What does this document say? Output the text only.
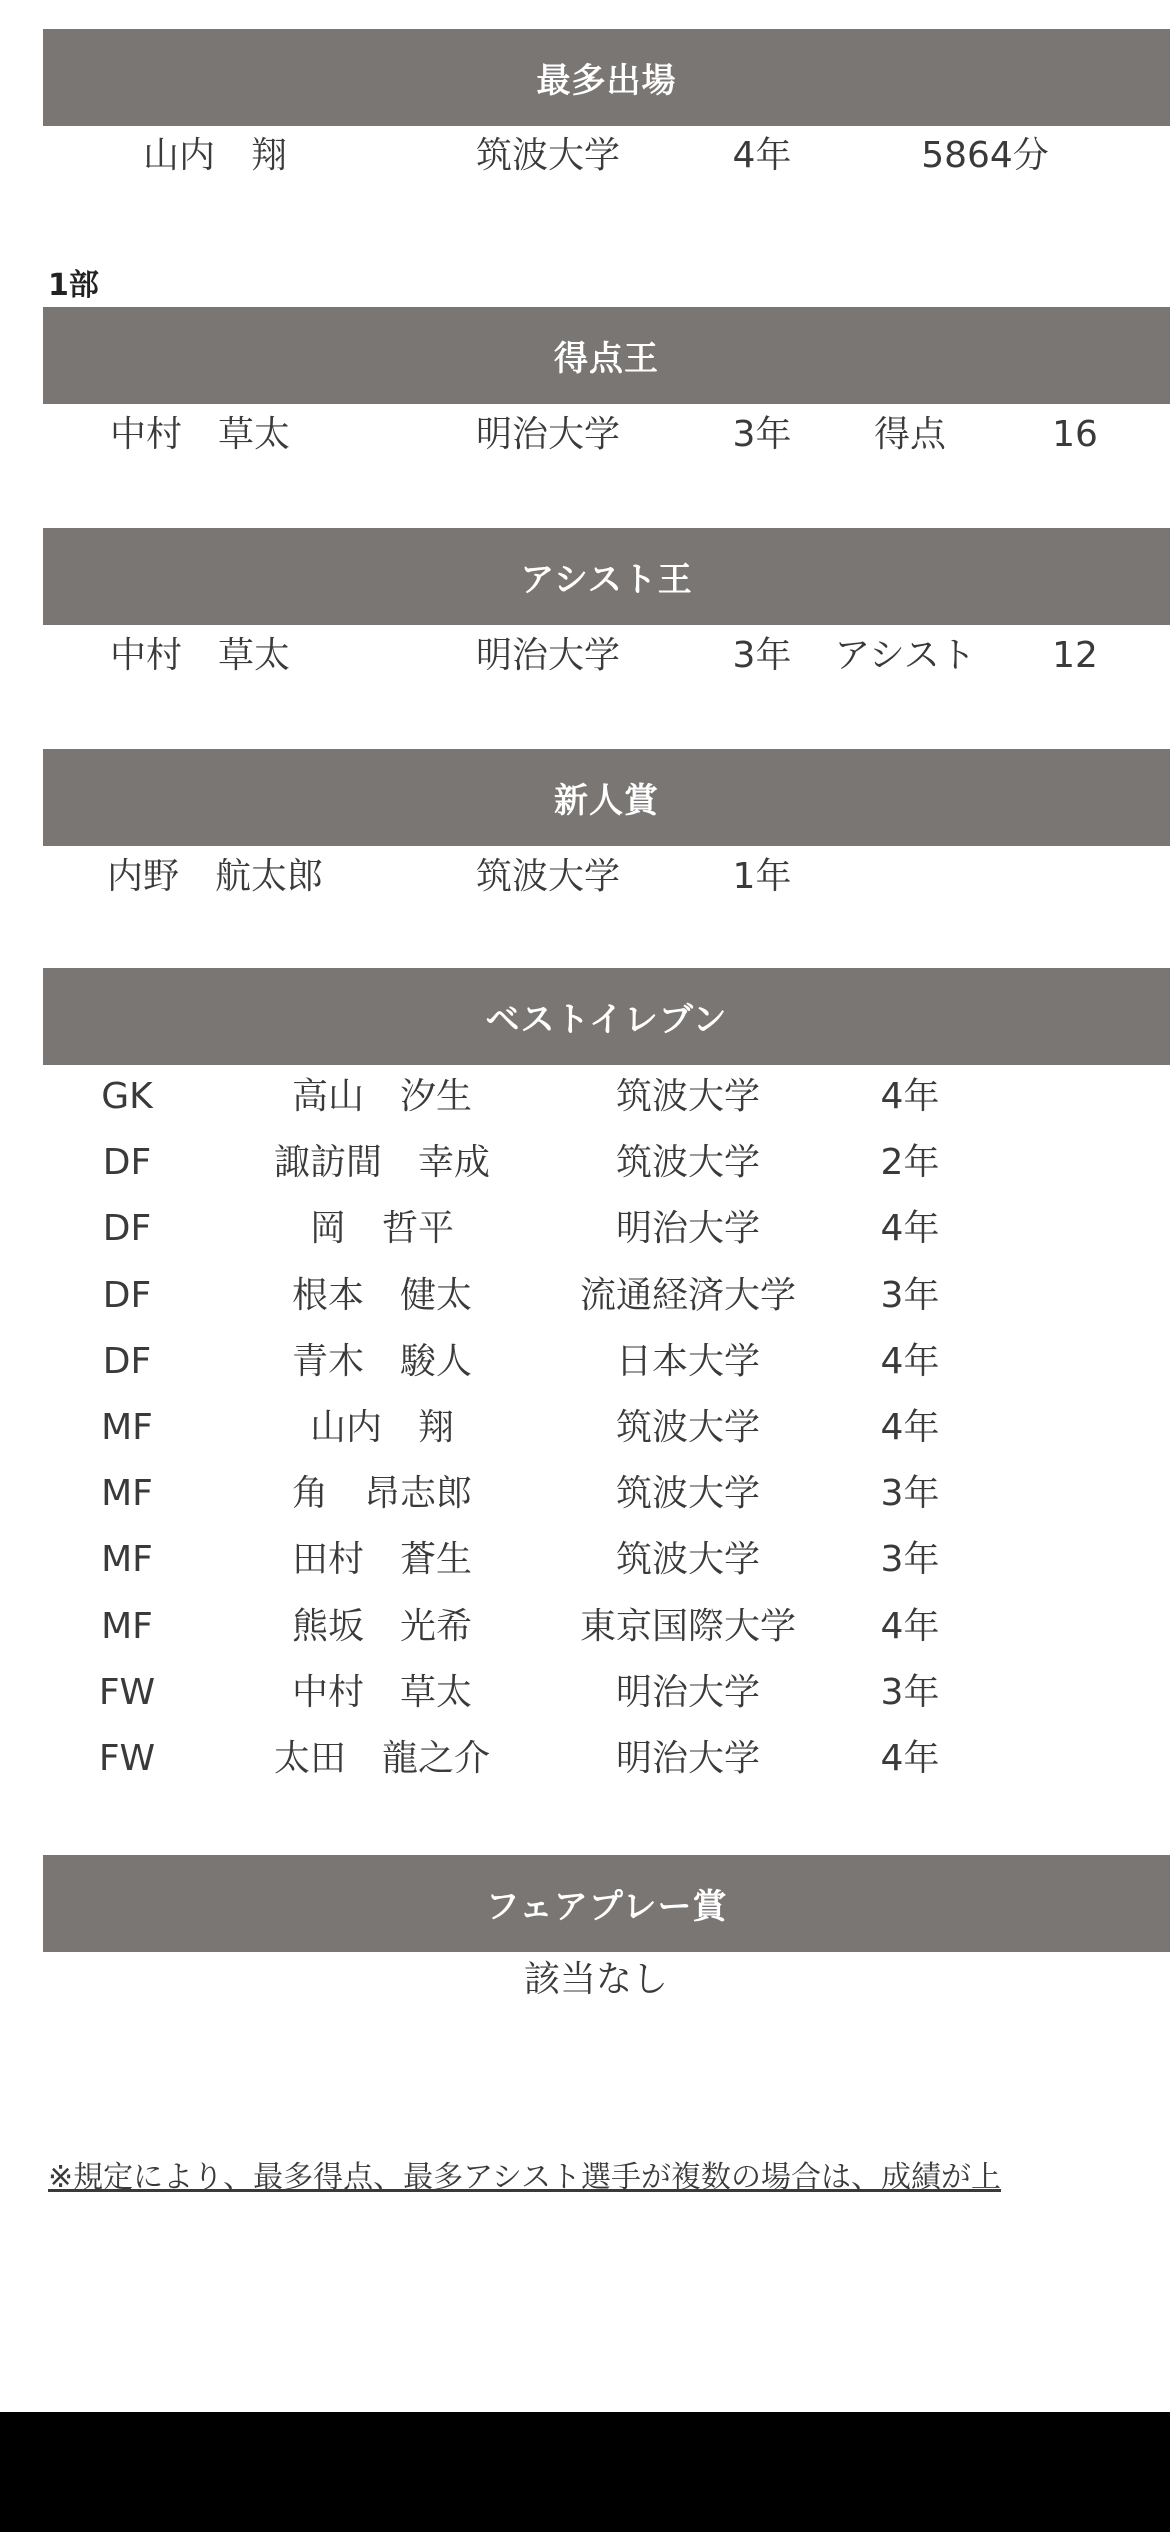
最多出場
山内　翔	筑波大学	4年	5864分
1部
得点王
中村　草太	明治大学	3年 得点	16
アシスト王
中村　草太	明治大学	3年 アシスト 12
新人賞
内野　航太郎	筑波大学	1年
ベストイレブン
GK	高山　汐生	筑波大学	4年
DF	諏訪間　幸成	筑波大学	2年
DF	岡　哲平	明治大学	4年
DF	根本　健太	流通経済大学 3年
DF	青木　駿人	日本大学	4年
MF	山内　翔	筑波大学	4年
MF	角　昂志郎	筑波大学	3年
MF	田村　蒼生	筑波大学	3年
MF	熊坂　光希	東京国際大学 4年
FW	中村　草太	明治大学	3年
FW	太田　龍之介	明治大学	4年
フェアプレー賞
該当なし
※規定により、最多得点、最多アシスト選手が複数の場合は、成績が上
